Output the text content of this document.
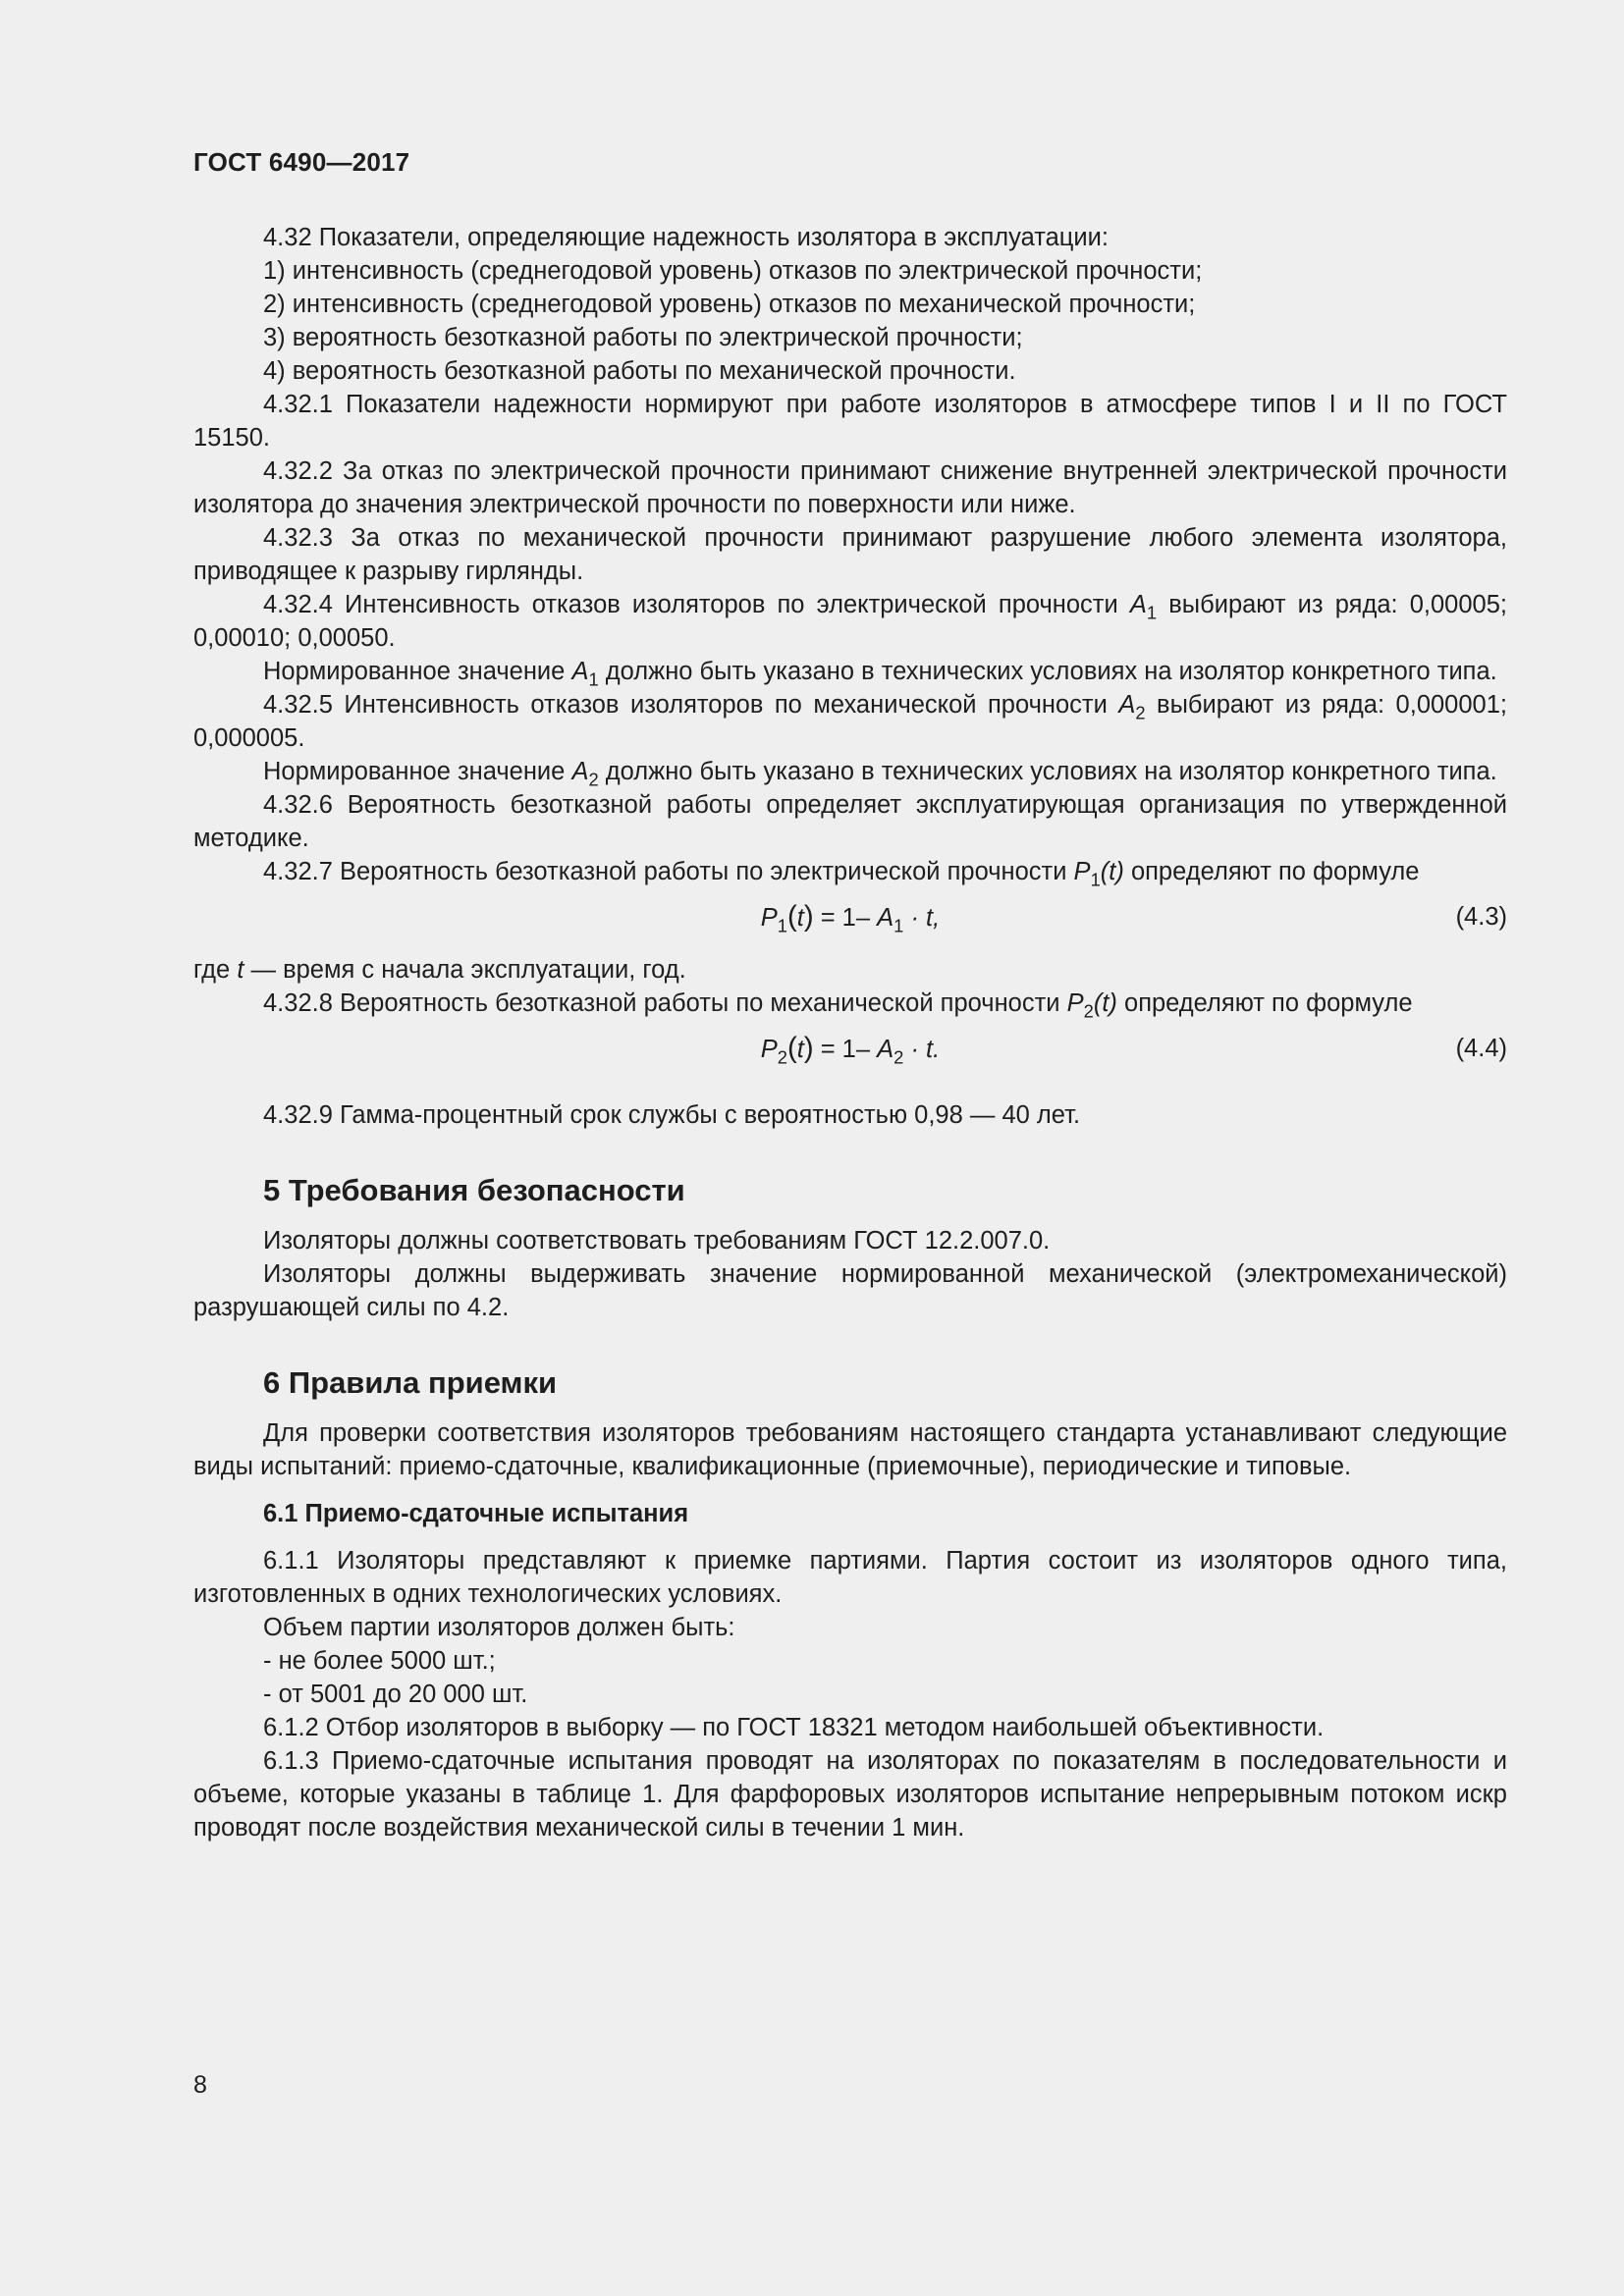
ГОСТ 6490—2017

4.32 Показатели, определяющие надежность изолятора в эксплуатации:

1) интенсивность (среднегодовой уровень) отказов по электрической прочности;

2) интенсивность (среднегодовой уровень) отказов по механической прочности;

3) вероятность безотказной работы по электрической прочности;

4) вероятность безотказной работы по механической прочности.

4.32.1 Показатели надежности нормируют при работе изоляторов в атмосфере типов I и II по ГОСТ 15150.

4.32.2 За отказ по электрической прочности принимают снижение внутренней электрической прочности изолятора до значения электрической прочности по поверхности или ниже.

4.32.3 За отказ по механической прочности принимают разрушение любого элемента изолятора, приводящее к разрыву гирлянды.

4.32.4 Интенсивность отказов изоляторов по электрической прочности $A_1$ выбирают из ряда: 0,00005; 0,00010; 0,00050.

Нормированное значение $A_1$ должно быть указано в технических условиях на изолятор конкретного типа.

4.32.5 Интенсивность отказов изоляторов по механической прочности $A_2$ выбирают из ряда: 0,000001; 0,000005.

Нормированное значение $A_2$ должно быть указано в технических условиях на изолятор конкретного типа.

4.32.6 Вероятность безотказной работы определяет эксплуатирующая организация по утвержденной методике.

4.32.7 Вероятность безотказной работы по электрической прочности $P_1(t)$ определяют по формуле

$P_1(t) = 1-$ $A_1 \cdot t$,	(4.3)

где t — время с начала эксплуатации, год.

4.32.8 Вероятность безотказной работы по механической прочности $P_2(t)$ определяют по формуле

$P_2(t) = 1-$ $A_2 \cdot t$.	(4.4)

4.32.9 Гамма-процентный срок службы с вероятностью 0,98 — 40 лет.

5 Требования безопасности

Изоляторы должны соответствовать требованиям ГОСТ 12.2.007.0.

Изоляторы должны выдерживать значение нормированной механической (электромеханической) разрушающей силы по 4.2.

6 Правила приемки

Для проверки соответствия изоляторов требованиям настоящего стандарта устанавливают следующие виды испытаний: приемо-сдаточные, квалификационные (приемочные), периодические и типовые.

6.1 Приемо-сдаточные испытания

6.1.1 Изоляторы представляют к приемке партиями. Партия состоит из изоляторов одного типа, изготовленных в одних технологических условиях.

Объем партии изоляторов должен быть:

- не более 5000 шт.;

- от 5001 до 20 000 шт.

6.1.2 Отбор изоляторов в выборку — по ГОСТ 18321 методом наибольшей объективности.

6.1.3 Приемо-сдаточные испытания проводят на изоляторах по показателям в последовательности и объеме, которые указаны в таблице 1. Для фарфоровых изоляторов испытание непрерывным потоком искр проводят после воздействия механической силы в течении 1 мин.

8
